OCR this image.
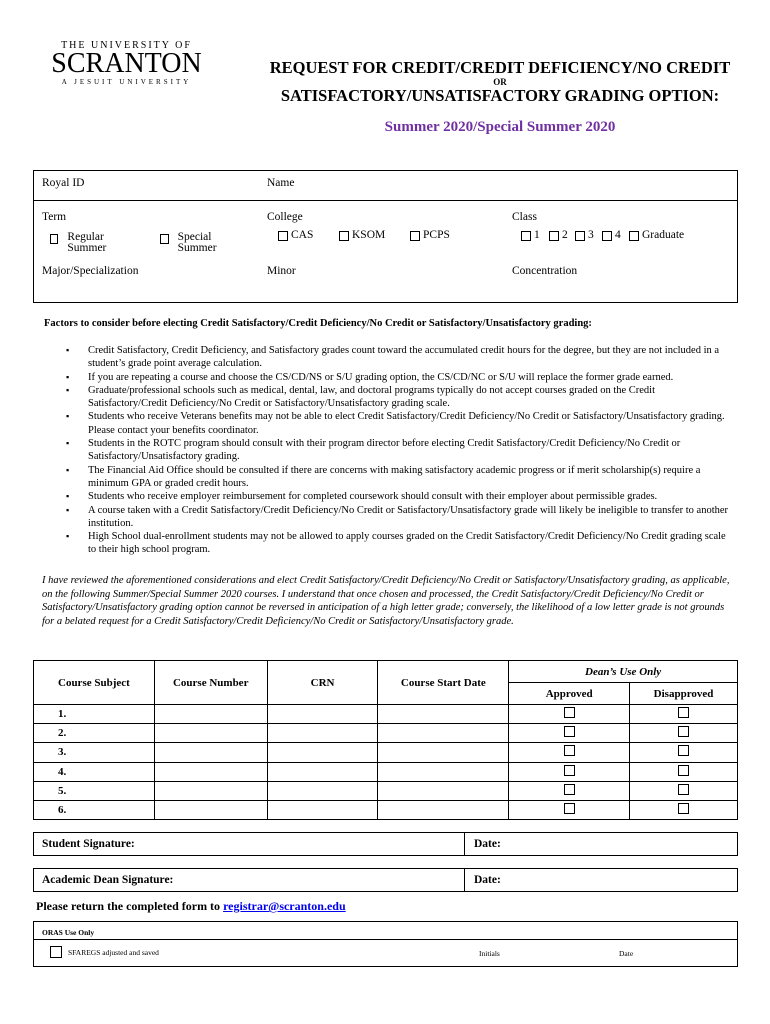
THE UNIVERSITY OF
SCRANTON
A JESUIT UNIVERSITY
REQUEST FOR CREDIT/CREDIT DEFICIENCY/NO CREDIT
OR
SATISFACTORY/UNSATISFACTORY GRADING OPTION:
Summer 2020/Special Summer 2020
Royal ID	Name
Term
Regular Summer
Special Summer
College
CAS	KSOM	PCPS
Class
1 2 3 4 Graduate
Major/Specialization	Minor	Concentration
Factors to consider before electing Credit Satisfactory/Credit Deficiency/No Credit or Satisfactory/Unsatisfactory grading:
▪ Credit Satisfactory, Credit Deficiency, and Satisfactory grades count toward the accumulated credit hours for the degree, but they are not included in a student’s grade point average calculation.
▪ If you are repeating a course and choose the CS/CD/NS or S/U grading option, the CS/CD/NC or S/U will replace the former grade earned.
▪ Graduate/professional schools such as medical, dental, law, and doctoral programs typically do not accept courses graded on the Credit Satisfactory/Credit Deficiency/No Credit or Satisfactory/Unsatisfactory grading scale.
▪ Students who receive Veterans benefits may not be able to elect Credit Satisfactory/Credit Deficiency/No Credit or Satisfactory/Unsatisfactory grading. Please contact your benefits coordinator.
▪ Students in the ROTC program should consult with their program director before electing Credit Satisfactory/Credit Deficiency/No Credit or Satisfactory/Unsatisfactory grading.
▪ The Financial Aid Office should be consulted if there are concerns with making satisfactory academic progress or if merit scholarship(s) require a minimum GPA or graded credit hours.
▪ Students who receive employer reimbursement for completed coursework should consult with their employer about permissible grades.
▪ A course taken with a Credit Satisfactory/Credit Deficiency/No Credit or Satisfactory/Unsatisfactory grade will likely be ineligible to transfer to another institution.
▪ High School dual-enrollment students may not be allowed to apply courses graded on the Credit Satisfactory/Credit Deficiency/No Credit grading scale to their high school program.
I have reviewed the aforementioned considerations and elect Credit Satisfactory/Credit Deficiency/No Credit or Satisfactory/Unsatisfactory grading, as applicable, on the following Summer/Special Summer 2020 courses. I understand that once chosen and processed, the Credit Satisfactory/Credit Deficiency/No Credit or Satisfactory/Unsatisfactory grading option cannot be reversed in anticipation of a high letter grade; conversely, the likelihood of a low letter grade is not grounds for a belated request for a Credit Satisfactory/Credit Deficiency/No Credit or Satisfactory/Unsatisfactory grade.
Course Subject	Course Number	CRN	Course Start Date	Dean’s Use Only	
				Approved	Disapproved
1.					
2.					
3.					
4.					
5.					
6.					
Student Signature:	Date:
Academic Dean Signature:	Date:
Please return the completed form to registrar@scranton.edu
ORAS Use Only
SFAREGS adjusted and saved	Initials	Date
